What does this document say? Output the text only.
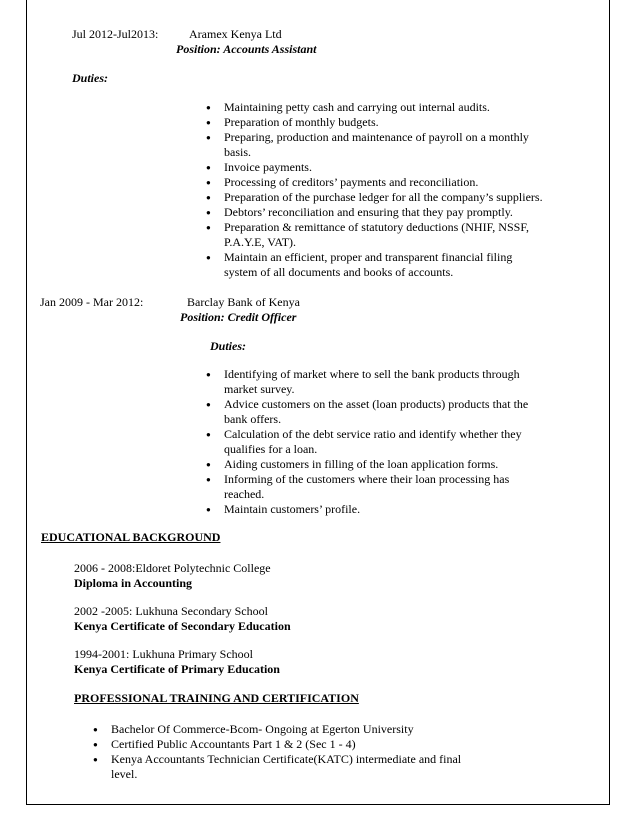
Jul 2012-Jul2013:	Aramex Kenya Ltd
Position: Accounts Assistant
Duties:
● Maintaining petty cash and carrying out internal audits.
● Preparation of monthly budgets.
● Preparing, production and maintenance of payroll on a monthly
basis.
● Invoice payments.
● Processing of creditors’ payments and reconciliation.
● Preparation of the purchase ledger for all the company’s suppliers.
● Debtors’ reconciliation and ensuring that they pay promptly.
● Preparation & remittance of statutory deductions (NHIF, NSSF,
P.A.Y.E, VAT).
● Maintain an efficient, proper and transparent financial filing
system of all documents and books of accounts.
Jan 2009 - Mar 2012:	Barclay Bank of Kenya
Position: Credit Officer
Duties:
● Identifying of market where to sell the bank products through
market survey.
● Advice customers on the asset (loan products) products that the
bank offers.
● Calculation of the debt service ratio and identify whether they
qualifies for a loan.
● Aiding customers in filling of the loan application forms.
● Informing of the customers where their loan processing has
reached.
● Maintain customers’ profile.
EDUCATIONAL BACKGROUND
2006 - 2008:Eldoret Polytechnic College
Diploma in Accounting
2002 -2005: Lukhuna Secondary School
Kenya Certificate of Secondary Education
1994-2001: Lukhuna Primary School
Kenya Certificate of Primary Education
PROFESSIONAL TRAINING AND CERTIFICATION
● Bachelor Of Commerce-Bcom- Ongoing at Egerton University
● Certified Public Accountants Part 1 & 2 (Sec 1 - 4)
● Kenya Accountants Technician Certificate(KATC) intermediate and final
level.
